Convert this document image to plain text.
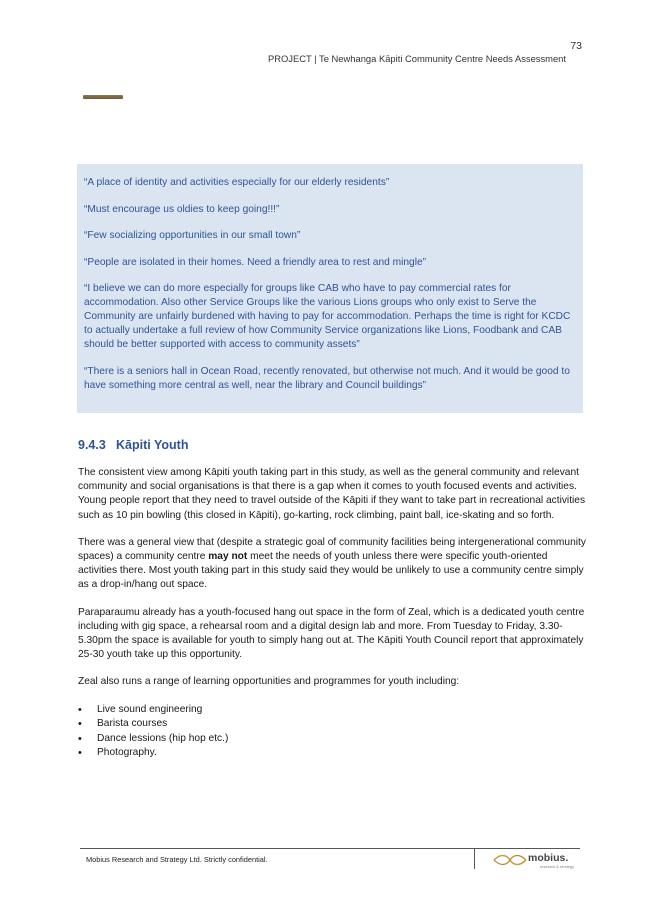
73
PROJECT | Te Newhanga Kāpiti Community Centre Needs Assessment

“A place of identity and activities especially for our elderly residents”

“Must encourage us oldies to keep going!!!”

“Few socializing opportunities in our small town”

“People are isolated in their homes. Need a friendly area to rest and mingle”

“I believe we can do more especially for groups like CAB who have to pay commercial rates for accommodation. Also other Service Groups like the various Lions groups who only exist to Serve the Community are unfairly burdened with having to pay for accommodation. Perhaps the time is right for KCDC to actually undertake a full review of how Community Service organizations like Lions, Foodbank and CAB should be better supported with access to community assets”

“There is a seniors hall in Ocean Road, recently renovated, but otherwise not much. And it would be good to have something more central as well, near the library and Council buildings”

9.4.3 Kāpiti Youth

The consistent view among Kāpiti youth taking part in this study, as well as the general community and relevant community and social organisations is that there is a gap when it comes to youth focused events and activities. Young people report that they need to travel outside of the Kāpiti if they want to take part in recreational activities such as 10 pin bowling (this closed in Kāpiti), go-karting, rock climbing, paint ball, ice-skating and so forth.

There was a general view that (despite a strategic goal of community facilities being intergenerational community spaces) a community centre may not meet the needs of youth unless there were specific youth-oriented activities there. Most youth taking part in this study said they would be unlikely to use a community centre simply as a drop-in/hang out space.

Paraparaumu already has a youth-focused hang out space in the form of Zeal, which is a dedicated youth centre including with gig space, a rehearsal room and a digital design lab and more. From Tuesday to Friday, 3.30-5.30pm the space is available for youth to simply hang out at. The Kāpiti Youth Council report that approximately 25-30 youth take up this opportunity.

Zeal also runs a range of learning opportunities and programmes for youth including:

• Live sound engineering
• Barista courses
• Dance lessions (hip hop etc.)
• Photography.
Mobius Research and Strategy Ltd. Strictly confidential.	mobius.
research & strategy
